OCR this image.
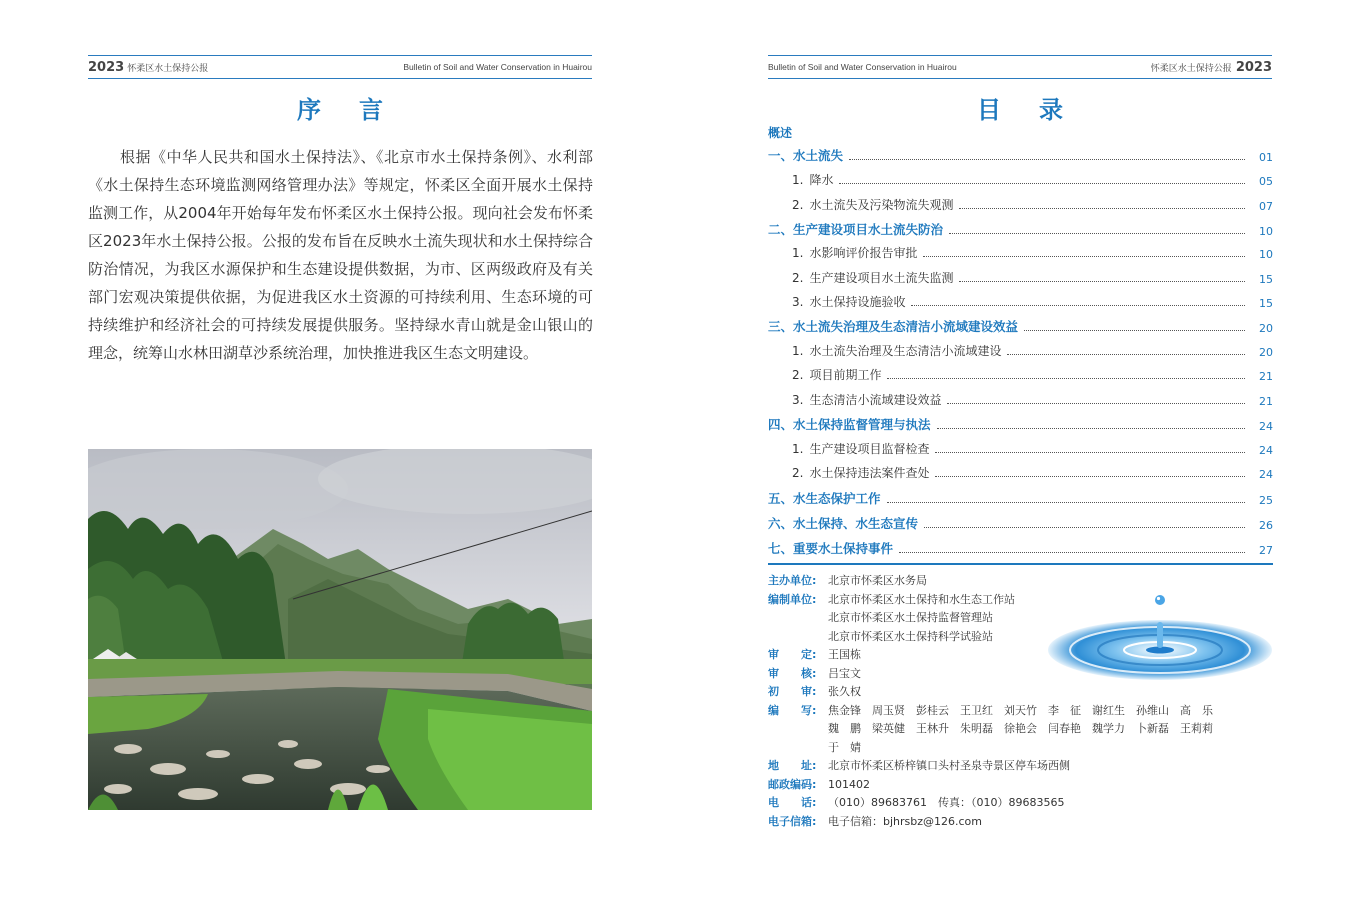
2023 怀柔区水土保持公报	Bulletin of Soil and Water Conservation in Huairou
序言
根据《中华人民共和国水土保持法》、《北京市水土保持条例》、水利部《水土保持生态环境监测网络管理办法》等规定，怀柔区全面开展水土保持监测工作，从2004年开始每年发布怀柔区水土保持公报。现向社会发布怀柔区2023年水土保持公报。公报的发布旨在反映水土流失现状和水土保持综合防治情况，为我区水源保护和生态建设提供数据，为市、区两级政府及有关部门宏观决策提供依据，为促进我区水土资源的可持续利用、生态环境的可持续维护和经济社会的可持续发展提供服务。坚持绿水青山就是金山银山的理念，统筹山水林田湖草沙系统治理，加快推进我区生态文明建设。
Bulletin of Soil and Water Conservation in Huairou	怀柔区水土保持公报 2023
目录
概述
一、水土流失	01
1. 降水	05
2. 水土流失及污染物流失观测	07
二、生产建设项目水土流失防治	10
1. 水影响评价报告审批	10
2. 生产建设项目水土流失监测	15
3. 水土保持设施验收	15
三、水土流失治理及生态清洁小流域建设效益	20
1. 水土流失治理及生态清洁小流域建设	20
2. 项目前期工作	21
3. 生态清洁小流域建设效益	21
四、水土保持监督管理与执法	24
1. 生产建设项目监督检查	24
2. 水土保持违法案件查处	24
五、水生态保护工作	25
六、水土保持、水生态宣传	26
七、重要水土保持事件	27
主办单位:	北京市怀柔区水务局
编制单位:	北京市怀柔区水土保持和水生态工作站
北京市怀柔区水土保持监督管理站
北京市怀柔区水土保持科学试验站
审　　定:	王国栋
审　　核:	吕宝文
初　　审:	张久权
编　　写:	焦金锋　周玉贤　彭桂云　王卫红　刘天竹　李　征　谢红生　孙维山　高　乐
魏　鹏　梁英健　王林升　朱明磊　徐艳会　闫春艳　魏学力　卜新磊　王莉莉
于　婧
地　　址:	北京市怀柔区桥梓镇口头村圣泉寺景区停车场西侧
邮政编码:	101402
电　　话:	（010）89683761　传真：（010）89683565
电子信箱:	电子信箱：bjhrsbz@126.com
